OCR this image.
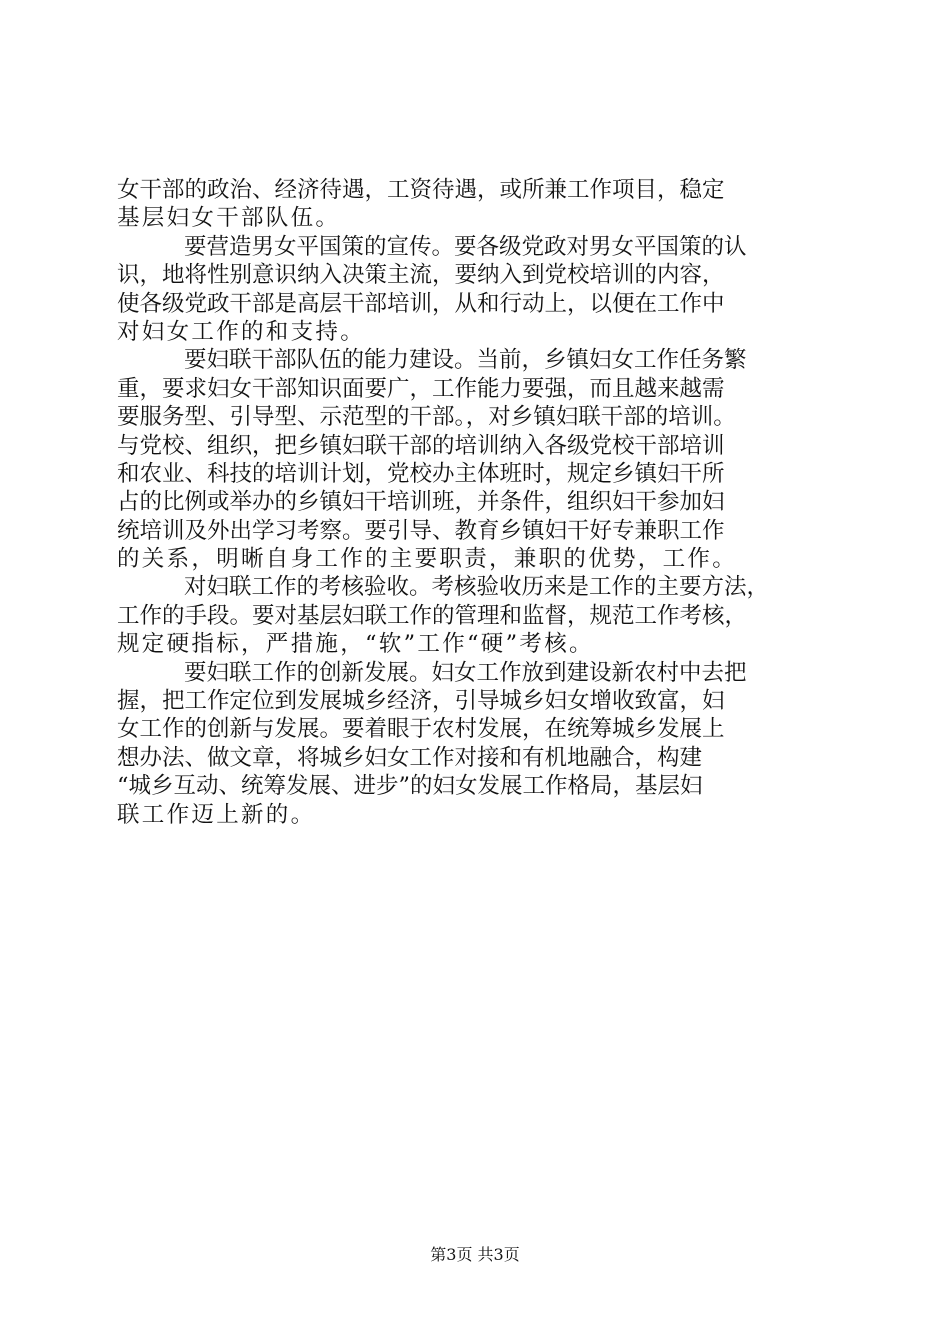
女干部的政治、经济待遇，工资待遇，或所兼工作项目，稳定
基层妇女干部队伍。
要营造男女平国策的宣传。要各级党政对男女平国策的认
识，地将性别意识纳入决策主流，要纳入到党校培训的内容，
使各级党政干部是高层干部培训，从和行动上，以便在工作中
对妇女工作的和支持。
要妇联干部队伍的能力建设。当前，乡镇妇女工作任务繁
重，要求妇女干部知识面要广，工作能力要强，而且越来越需
要服务型、引导型、示范型的干部。，对乡镇妇联干部的培训。
与党校、组织，把乡镇妇联干部的培训纳入各级党校干部培训
和农业、科技的培训计划，党校办主体班时，规定乡镇妇干所
占的比例或举办的乡镇妇干培训班，并条件，组织妇干参加妇
统培训及外出学习考察。要引导、教育乡镇妇干好专兼职工作
的关系，明晰自身工作的主要职责，兼职的优势，工作。
对妇联工作的考核验收。考核验收历来是工作的主要方法，
工作的手段。要对基层妇联工作的管理和监督，规范工作考核，
规定硬指标，严措施，“软”工作“硬”考核。
要妇联工作的创新发展。妇女工作放到建设新农村中去把
握，把工作定位到发展城乡经济，引导城乡妇女增收致富，妇
女工作的创新与发展。要着眼于农村发展，在统筹城乡发展上
想办法、做文章，将城乡妇女工作对接和有机地融合，构建
“城乡互动、统筹发展、进步”的妇女发展工作格局，基层妇
联工作迈上新的。
第3页 共3页
